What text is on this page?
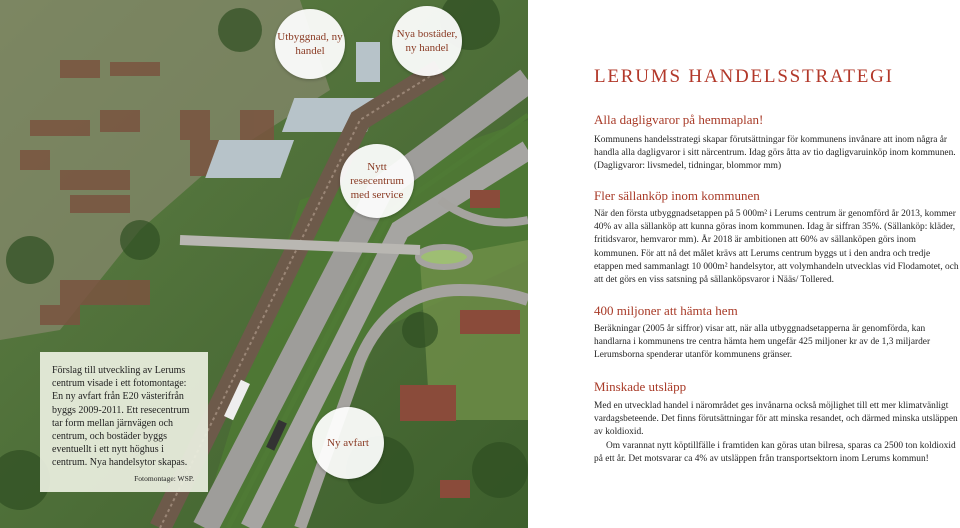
Utbyggnad, ny handel
Nya bostäder, ny handel
Nytt resecentrum med service
Ny avfart
Förslag till utveckling av Lerums centrum visade i ett fotomontage: En ny avfart från E20 västerifrån byggs 2009-2011. Ett resecentrum tar form mellan järnvägen och centrum, och bostäder byggs eventuellt i ett nytt höghus i centrum. Nya handelsytor skapas.
Fotomontage: WSP.
LERUMS HANDELSSTRATEGI
Alla dagligvaror på hemmaplan!
Kommunens handelsstrategi skapar förutsättningar för kommunens invånare att inom några år handla alla dagligvaror i sitt närcentrum. Idag görs åtta av tio dagligvaruinköp inom kommunen. (Dagligvaror: livsmedel, tidningar, blommor mm)
Fler sällanköp inom kommunen
När den första utbyggnadsetappen på 5 000m² i Lerums centrum är genomförd år 2013, kommer 40% av alla sällanköp att kunna göras inom kommunen. Idag är siffran 35%. (Sällanköp: kläder, fritidsvaror, hemvaror mm). År 2018 är ambitionen att 60% av sällanköpen görs inom kommunen. För att nå det målet krävs att Lerums centrum byggs ut i den andra och tredje etappen med sammanlagt 10 000m² handelsytor, att volymhandeln utvecklas vid Flodamotet, och att det görs en viss satsning på sällanköpsvaror i Nääs/ Tollered.
400 miljoner att hämta hem
Beräkningar (2005 år siffror) visar att, när alla utbyggnadsetapperna är genomförda, kan handlarna i kommunens tre centra hämta hem ungefär 425 miljoner kr av de 1,3 miljarder Lerumsborna spenderar utanför kommunens gränser.
Minskade utsläpp
Med en utvecklad handel i närområdet ges invånarna också möjlighet till ett mer klimatvänligt vardagsbeteende. Det finns förutsättningar för att minska resandet, och därmed minska utsläppen av koldioxid.
Om varannat nytt köptillfälle i framtiden kan göras utan bilresa, sparas ca 2500 ton koldioxid på ett år. Det motsvarar ca 4% av utsläppen från transportsektorn inom Lerums kommun!
